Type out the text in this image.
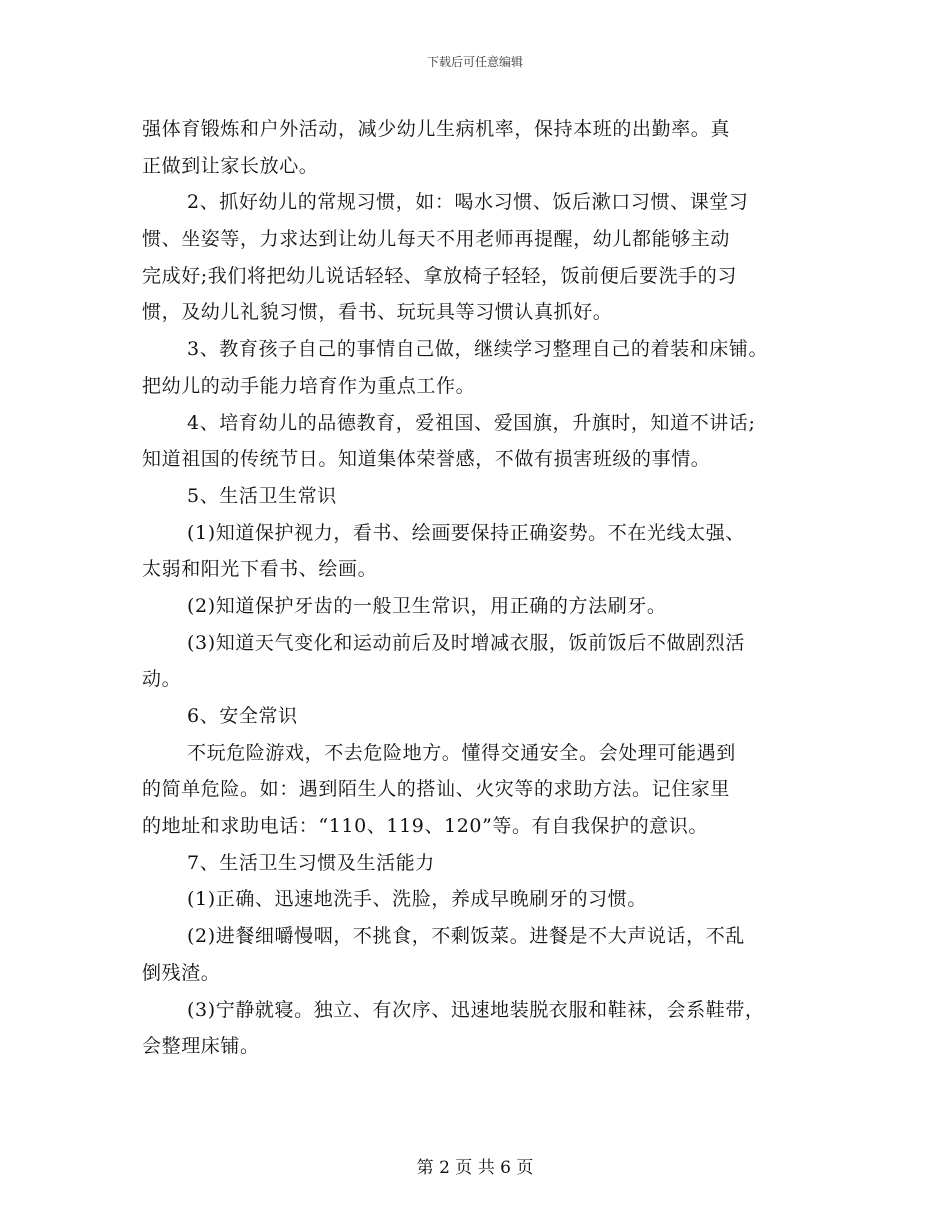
下载后可任意编辑
强体育锻炼和户外活动，减少幼儿生病机率，保持本班的出勤率。真
正做到让家长放心。
2、抓好幼儿的常规习惯，如：喝水习惯、饭后漱口习惯、课堂习
惯、坐姿等，力求达到让幼儿每天不用老师再提醒，幼儿都能够主动
完成好;我们将把幼儿说话轻轻、拿放椅子轻轻，饭前便后要洗手的习
惯，及幼儿礼貌习惯，看书、玩玩具等习惯认真抓好。
3、教育孩子自己的事情自己做，继续学习整理自己的着装和床铺。
把幼儿的动手能力培育作为重点工作。
4、培育幼儿的品德教育，爱祖国、爱国旗，升旗时，知道不讲话;
知道祖国的传统节日。知道集体荣誉感，不做有损害班级的事情。
5、生活卫生常识
(1)知道保护视力，看书、绘画要保持正确姿势。不在光线太强、
太弱和阳光下看书、绘画。
(2)知道保护牙齿的一般卫生常识，用正确的方法刷牙。
(3)知道天气变化和运动前后及时增减衣服，饭前饭后不做剧烈活
动。
6、安全常识
不玩危险游戏，不去危险地方。懂得交通安全。会处理可能遇到
的简单危险。如：遇到陌生人的搭讪、火灾等的求助方法。记住家里
的地址和求助电话：“110、119、120”等。有自我保护的意识。
7、生活卫生习惯及生活能力
(1)正确、迅速地洗手、洗脸，养成早晚刷牙的习惯。
(2)进餐细嚼慢咽，不挑食，不剩饭菜。进餐是不大声说话，不乱
倒残渣。
(3)宁静就寝。独立、有次序、迅速地装脱衣服和鞋袜，会系鞋带，
会整理床铺。
第 2 页 共 6 页
